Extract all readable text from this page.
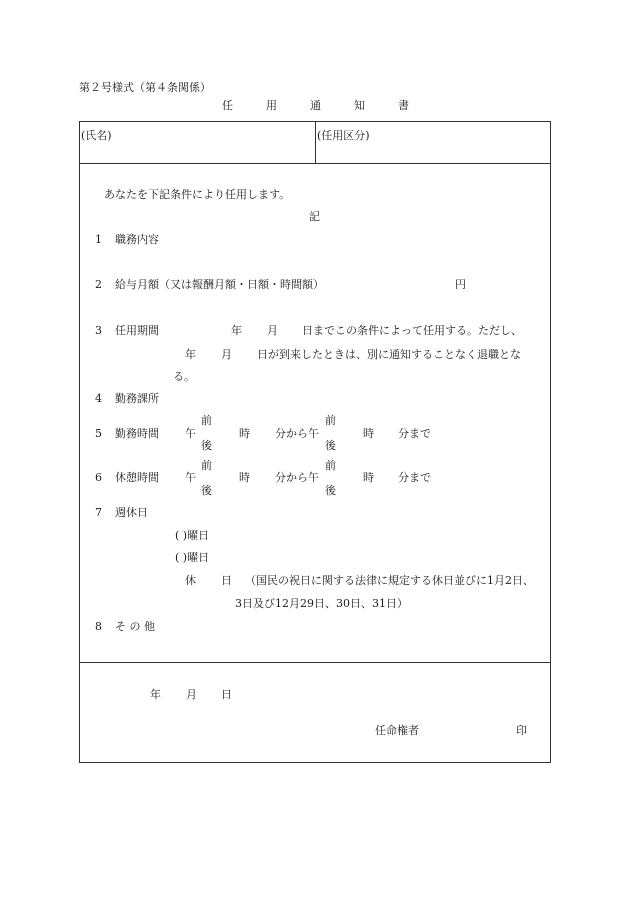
第２号様式（第４条関係）
任	用	通	知	書
(氏名)	(任用区分)
あなたを下記条件により任用します。
記
1 職務内容
2 給与月額（又は報酬月額・日額・時間額）	円
3 任用期間	年 月 日までこの条件によって任用する。ただし、
年 月 日が到来したときは、別に通知することなく退職とな
る。
4 勤務課所
5 勤務時間
前
午
後
時 分から午
前
後
時 分まで
6 休憩時間
前
午
後
時 分から午
前
後
時 分まで
7 週休日
( )曜日
( )曜日
休 日 （国民の祝日に関する法律に規定する休日並びに1月2日、
3日及び12月29日、30日、31日）
8 そ の 他
年 月 日
任命権者	印
